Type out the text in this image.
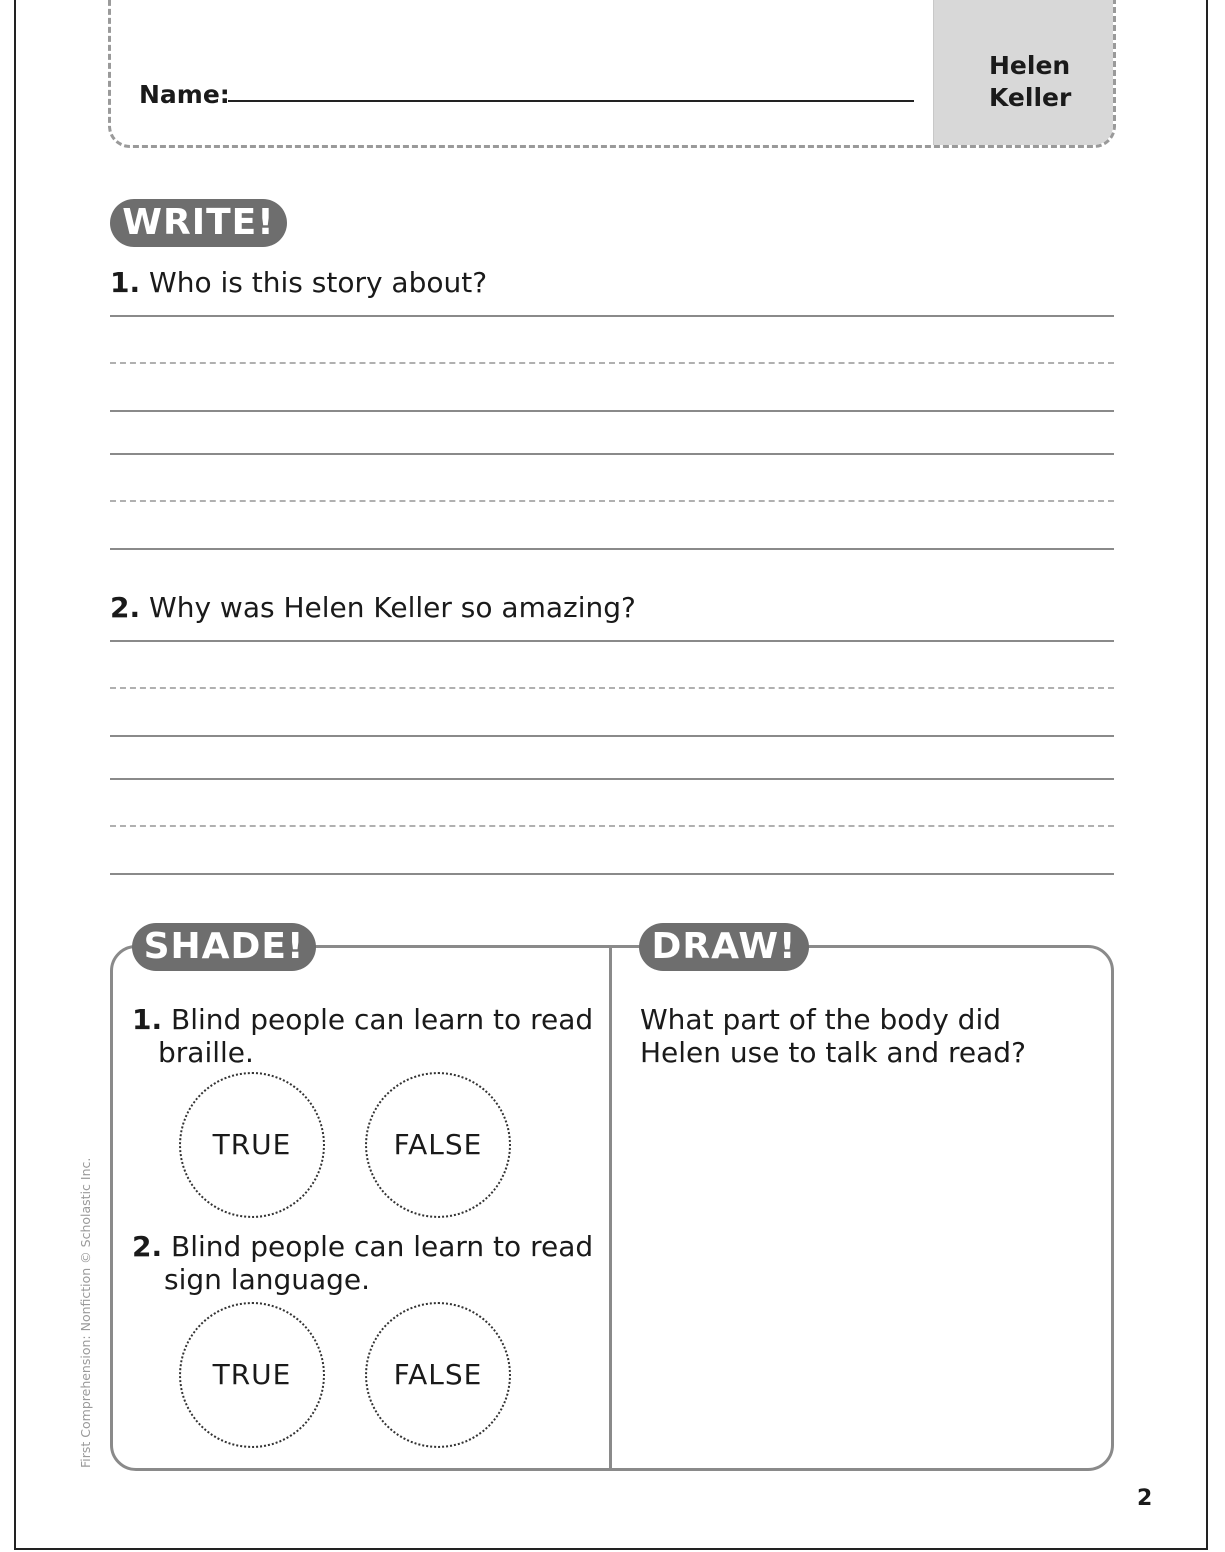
Name:
Helen
Keller
WRITE!
1. Who is this story about?
2. Why was Helen Keller so amazing?
SHADE!	DRAW!
1. Blind people can learn to read
braille.
TRUE	FALSE
2. Blind people can learn to read
sign language.
TRUE	FALSE
What part of the body did
Helen use to talk and read?
First Comprehension: Nonfiction © Scholastic Inc.
2
